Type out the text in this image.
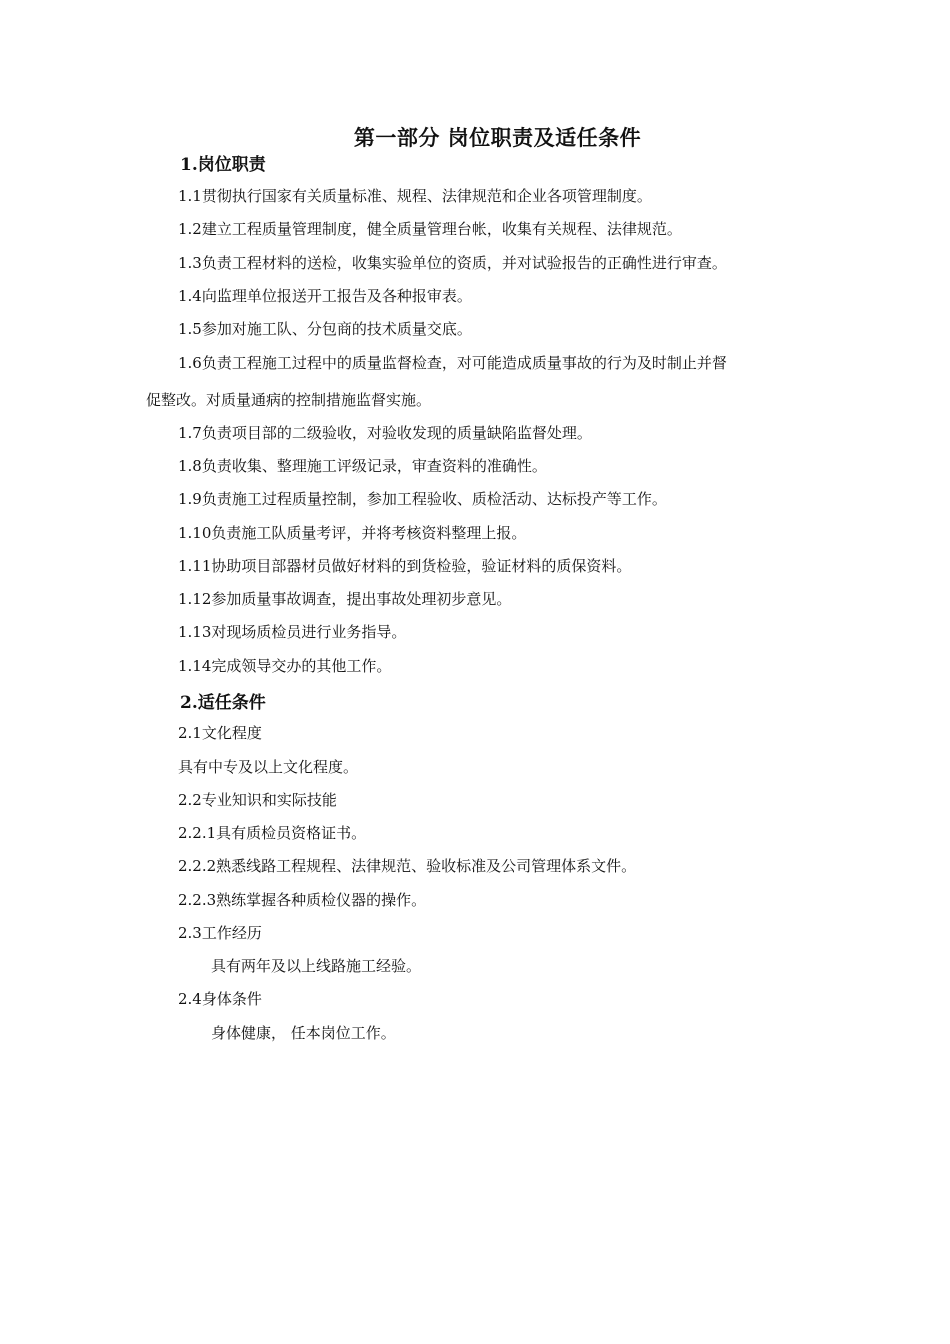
第一部分 岗位职责及适任条件
1.岗位职责
1.1贯彻执行国家有关质量标准、规程、法律规范和企业各项管理制度。
1.2建立工程质量管理制度，健全质量管理台帐，收集有关规程、法律规范。
1.3负责工程材料的送检，收集实验单位的资质，并对试验报告的正确性进行审查。
1.4向监理单位报送开工报告及各种报审表。
1.5参加对施工队、分包商的技术质量交底。
1.6负责工程施工过程中的质量监督检查，对可能造成质量事故的行为及时制止并督
促整改。对质量通病的控制措施监督实施。
1.7负责项目部的二级验收，对验收发现的质量缺陷监督处理。
1.8负责收集、整理施工评级记录，审查资料的准确性。
1.9负责施工过程质量控制，参加工程验收、质检活动、达标投产等工作。
1.10负责施工队质量考评，并将考核资料整理上报。
1.11协助项目部器材员做好材料的到货检验，验证材料的质保资料。
1.12参加质量事故调查，提出事故处理初步意见。
1.13对现场质检员进行业务指导。
1.14完成领导交办的其他工作。
2.适任条件
2.1文化程度
具有中专及以上文化程度。
2.2专业知识和实际技能
2.2.1具有质检员资格证书。
2.2.2熟悉线路工程规程、法律规范、验收标准及公司管理体系文件。
2.2.3熟练掌握各种质检仪器的操作。
2.3工作经历
具有两年及以上线路施工经验。
2.4身体条件
身体健康， 任本岗位工作。
